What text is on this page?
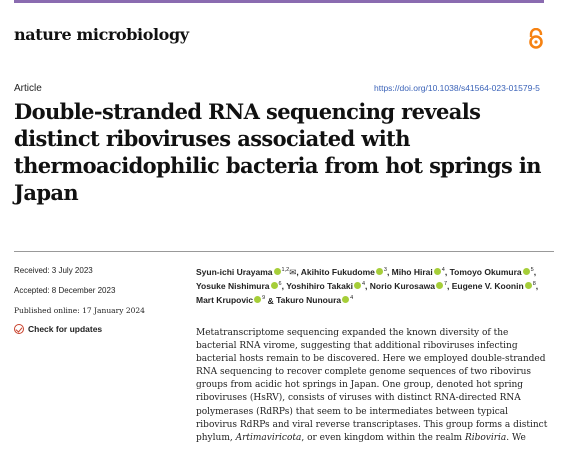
nature microbiology
Article	https://doi.org/10.1038/s41564-023-01579-5
Double-stranded RNA sequencing reveals distinct riboviruses associated with thermoacidophilic bacteria from hot springs in Japan
Received: 3 July 2023
Accepted: 8 December 2023
Published online: 17 January 2024
Check for updates

Syun-ichi Urayama $^{1,2}$✉, Akihito Fukudome $^3$, Miho Hirai $^4$, Tomoyo Okumura $^5$, Yosuke Nishimura $^6$, Yoshihiro Takaki $^4$, Norio Kurosawa $^7$, Eugene V. Koonin $^8$, Mart Krupovic $^9$ & Takuro Nunoura $^4$

Metatranscriptome sequencing expanded the known diversity of the bacterial RNA virome, suggesting that additional riboviruses infecting bacterial hosts remain to be discovered. Here we employed double-stranded RNA sequencing to recover complete genome sequences of two ribovirus groups from acidic hot springs in Japan. One group, denoted hot spring riboviruses (HsRV), consists of viruses with distinct RNA-directed RNA polymerases (RdRPs) that seem to be intermediates between typical ribovirus RdRPs and viral reverse transcriptases. This group forms a distinct phylum, Artimaviricota, or even kingdom within the realm Riboviria. We
